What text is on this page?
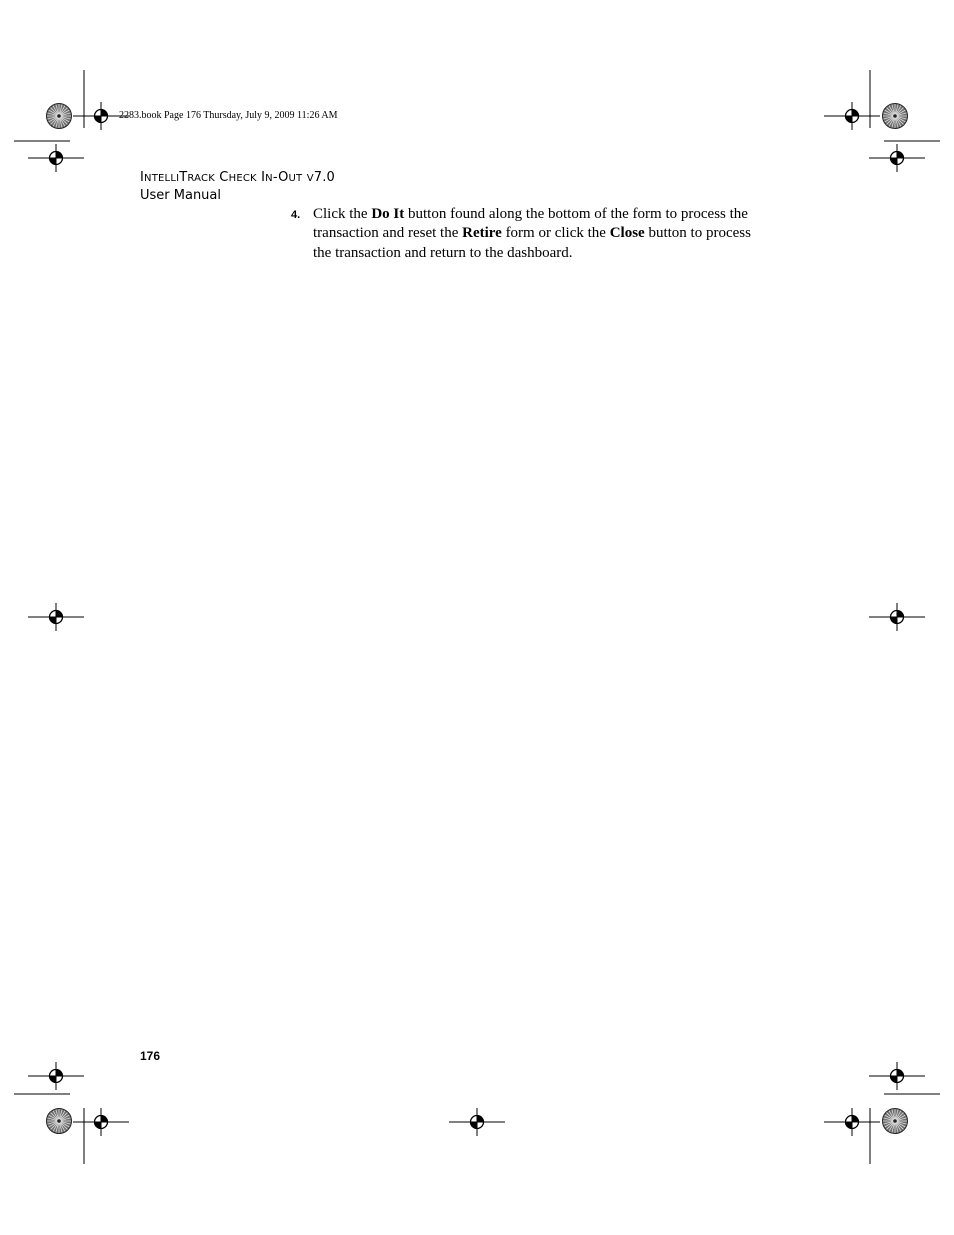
2283.book Page 176 Thursday, July 9, 2009 11:26 AM
INTELLITRACK CHECK IN-OUT V7.0
User Manual
4. Click the Do It button found along the bottom of the form to process the transaction and reset the Retire form or click the Close button to process the transaction and return to the dashboard.
176
